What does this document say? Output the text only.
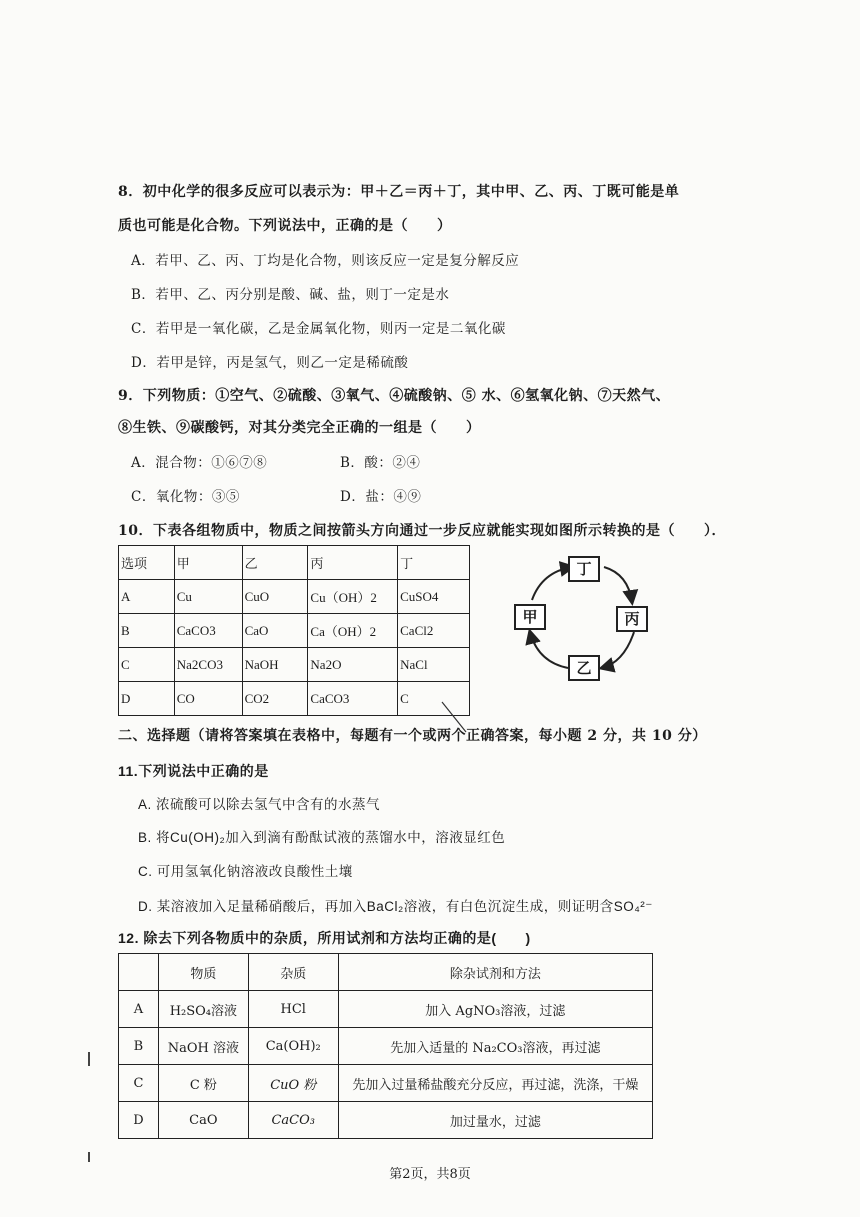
8．初中化学的很多反应可以表示为：甲＋乙＝丙＋丁，其中甲、乙、丙、丁既可能是单
质也可能是化合物。下列说法中，正确的是（　　）
A．若甲、乙、丙、丁均是化合物，则该反应一定是复分解反应
B．若甲、乙、丙分别是酸、碱、盐，则丁一定是水
C．若甲是一氧化碳，乙是金属氧化物，则丙一定是二氧化碳
D．若甲是锌，丙是氢气，则乙一定是稀硫酸
9．下列物质：①空气、②硫酸、③氧气、④硫酸钠、⑤ 水、⑥氢氧化钠、⑦天然气、
⑧生铁、⑨碳酸钙，对其分类完全正确的一组是（　　）
A．混合物：①⑥⑦⑧	B．酸：②④
C．氧化物：③⑤	D．盐：④⑨
10．下表各组物质中，物质之间按箭头方向通过一步反应就能实现如图所示转换的是（　　）．
选项	甲	乙	丙	丁
A	Cu	CuO	Cu（OH）2	CuSO4
B	CaCO3	CaO	Ca（OH）2	CaCl2
C	Na2CO3	NaOH	Na2O	NaCl
D	CO	CO2	CaCO3	C
丁
甲	丙
乙
二、选择题（请将答案填在表格中，每题有一个或两个正确答案，每小题 2 分，共 10 分）
11.下列说法中正确的是
A. 浓硫酸可以除去氢气中含有的水蒸气
B. 将Cu(OH)₂加入到滴有酚酞试液的蒸馏水中，溶液显红色
C. 可用氢氧化钠溶液改良酸性土壤
D. 某溶液加入足量稀硝酸后，再加入BaCl₂溶液，有白色沉淀生成，则证明含SO₄²⁻
12. 除去下列各物质中的杂质，所用试剂和方法均正确的是(　　)
	物质	杂质	除杂试剂和方法
A	H₂SO₄溶液	HCl	加入 AgNO₃溶液，过滤
B	NaOH 溶液	Ca(OH)₂	先加入适量的 Na₂CO₃溶液，再过滤
C	C 粉	CuO 粉	先加入过量稀盐酸充分反应，再过滤，洗涤，干燥
D	CaO	CaCO₃	加过量水，过滤
第2页，共8页
